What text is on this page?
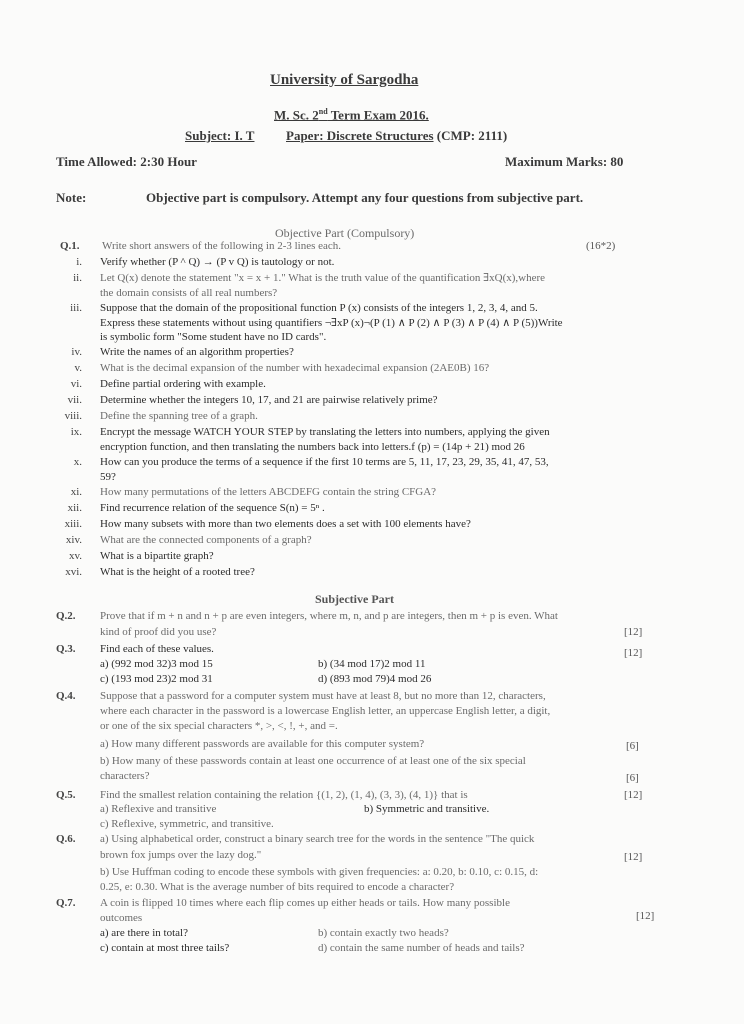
University of Sargodha
M. Sc. 2nd Term Exam 2016.
Subject: I. T Paper: Discrete Structures (CMP: 2111)
Time Allowed: 2:30 Hour	Maximum Marks: 80
Note:	Objective part is compulsory. Attempt any four questions from subjective part.
Objective Part (Compulsory)
Q.1. Write short answers of the following in 2-3 lines each.	(16*2)
i. Verify whether (P ^ Q) → (P v Q) is tautology or not.
ii. Let Q(x) denote the statement "x = x + 1." What is the truth value of the quantification ∃xQ(x),where
the domain consists of all real numbers?
iii. Suppose that the domain of the propositional function P (x) consists of the integers 1, 2, 3, 4, and 5.
Express these statements without using quantifiers ¬∃xP (x)¬(P (1) ∧ P (2) ∧ P (3) ∧ P (4) ∧ P (5))Write
is symbolic form "Some student have no ID cards".
iv. Write the names of an algorithm properties?
v. What is the decimal expansion of the number with hexadecimal expansion (2AE0B) 16?
vi. Define partial ordering with example.
vii. Determine whether the integers 10, 17, and 21 are pairwise relatively prime?
viii. Define the spanning tree of a graph.
ix. Encrypt the message WATCH YOUR STEP by translating the letters into numbers, applying the given
encryption function, and then translating the numbers back into letters.f (p) = (14p + 21) mod 26
x. How can you produce the terms of a sequence if the first 10 terms are 5, 11, 17, 23, 29, 35, 41, 47, 53,
59?
xi. How many permutations of the letters ABCDEFG contain the string CFGA?
xii. Find recurrence relation of the sequence S(n) = 5ⁿ .
xiii. How many subsets with more than two elements does a set with 100 elements have?
xiv. What are the connected components of a graph?
xv. What is a bipartite graph?
xvi. What is the height of a rooted tree?
Subjective Part
Q.2. Prove that if m + n and n + p are even integers, where m, n, and p are integers, then m + p is even. What
kind of proof did you use?	[12]
Q.3. Find each of these values.	[12]
a) (992 mod 32)3 mod 15	b) (34 mod 17)2 mod 11
c) (193 mod 23)2 mod 31	d) (893 mod 79)4 mod 26
Q.4. Suppose that a password for a computer system must have at least 8, but no more than 12, characters,
where each character in the password is a lowercase English letter, an uppercase English letter, a digit,
or one of the six special characters *, >, <, !, +, and =.
a) How many different passwords are available for this computer system?	[6]
b) How many of these passwords contain at least one occurrence of at least one of the six special
characters?	[6]
Q.5. Find the smallest relation containing the relation {(1, 2), (1, 4), (3, 3), (4, 1)} that is	[12]
a) Reflexive and transitive	b) Symmetric and transitive.
c) Reflexive, symmetric, and transitive.
Q.6. a) Using alphabetical order, construct a binary search tree for the words in the sentence "The quick
brown fox jumps over the lazy dog."	[12]
b) Use Huffman coding to encode these symbols with given frequencies: a: 0.20, b: 0.10, c: 0.15, d:
0.25, e: 0.30. What is the average number of bits required to encode a character?
Q.7. A coin is flipped 10 times where each flip comes up either heads or tails. How many possible
outcomes	[12]
a) are there in total?	b) contain exactly two heads?
c) contain at most three tails?	d) contain the same number of heads and tails?
